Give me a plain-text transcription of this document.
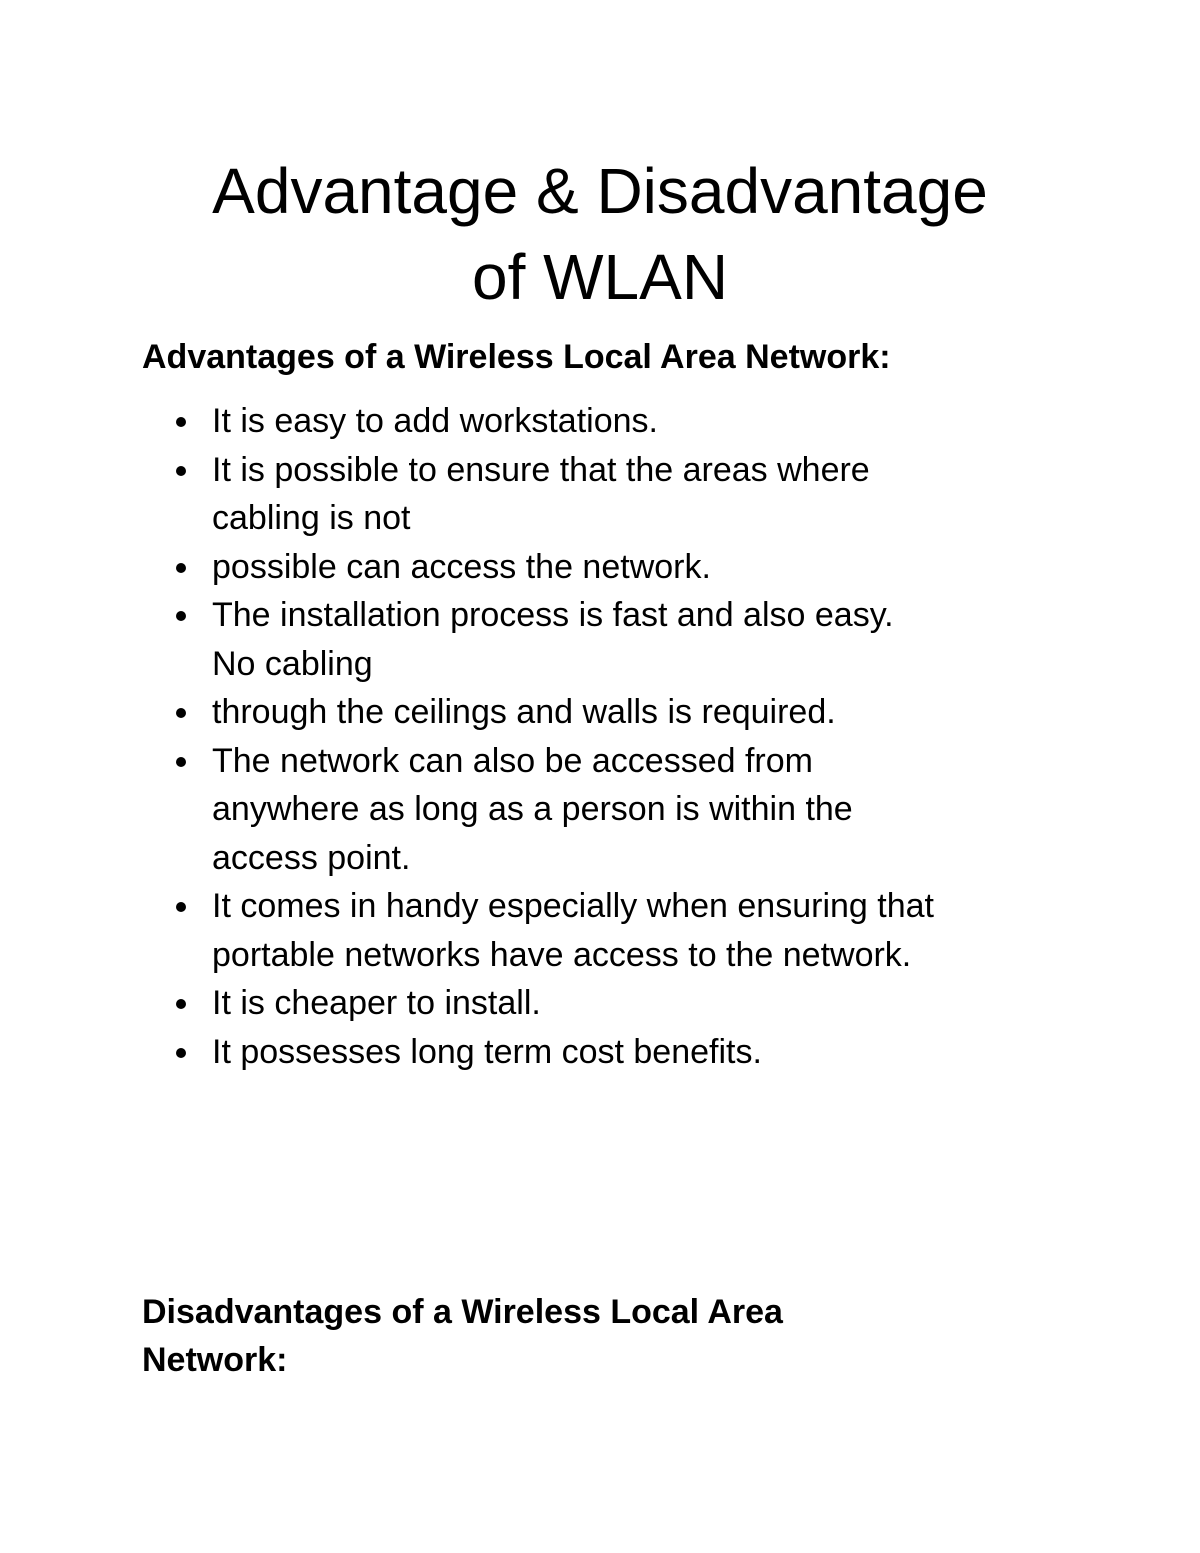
Advantage & Disadvantage
of WLAN
Advantages of a Wireless Local Area Network:
It is easy to add workstations.
It is possible to ensure that the areas where
cabling is not
possible can access the network.
The installation process is fast and also easy.
No cabling
through the ceilings and walls is required.
The network can also be accessed from
anywhere as long as a person is within the
access point.
It comes in handy especially when ensuring that
portable networks have access to the network.
It is cheaper to install.
It possesses long term cost benefits.
Disadvantages of a Wireless Local Area
Network:
